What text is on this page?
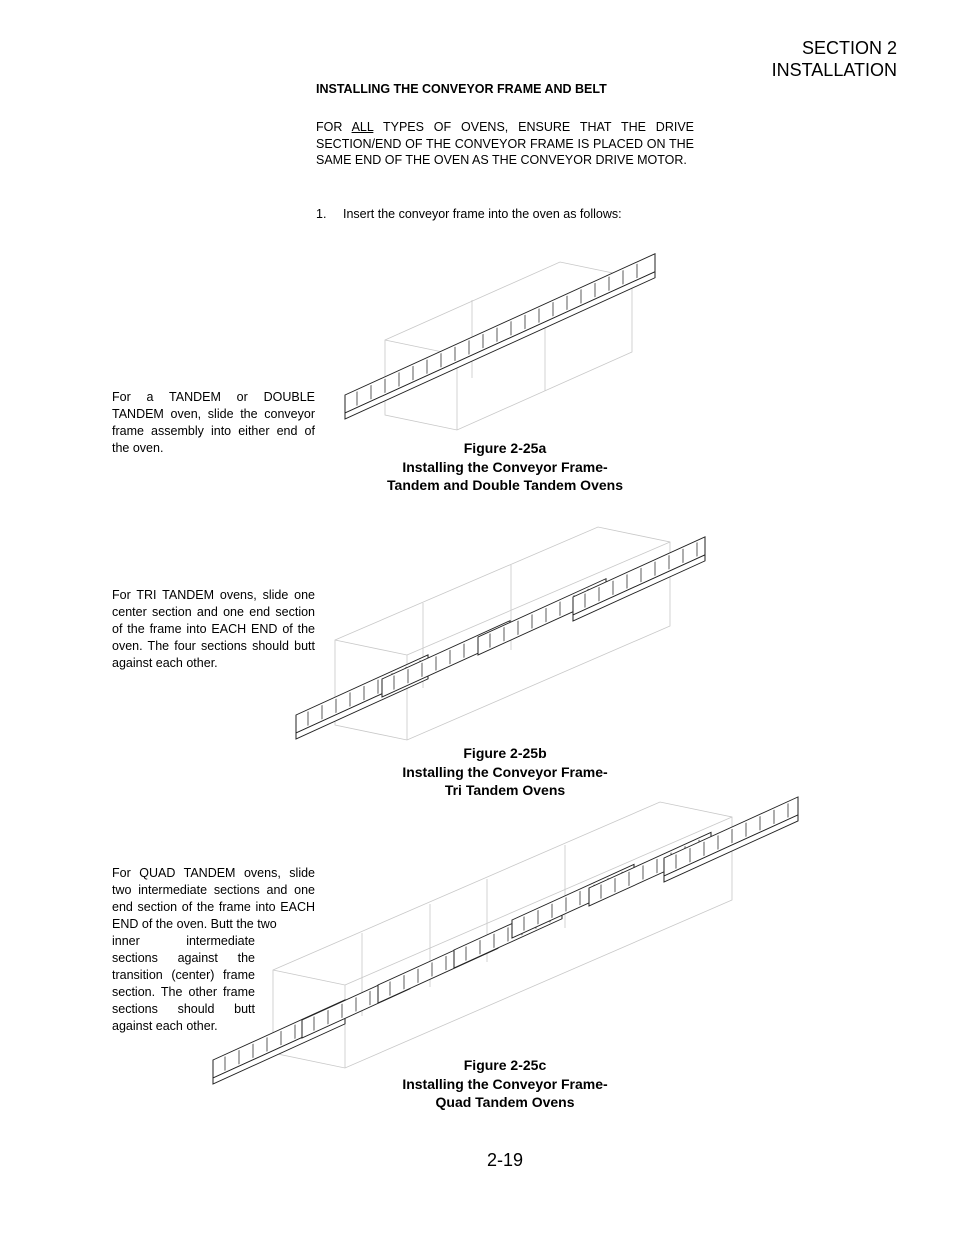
SECTION 2
INSTALLATION
INSTALLING THE CONVEYOR FRAME AND BELT
FOR ALL TYPES OF OVENS, ENSURE THAT THE DRIVE SECTION/END OF THE CONVEYOR FRAME IS PLACED ON THE SAME END OF THE OVEN AS THE CONVEYOR DRIVE MOTOR.
1. Insert the conveyor frame into the oven as follows:
For a TANDEM or DOUBLE TANDEM oven, slide the conveyor frame assembly into either end of the oven.
For TRI TANDEM ovens, slide one center section and one end section of the frame into EACH END of the oven. The four sections should butt against each other.
For QUAD TANDEM ovens, slide two intermediate sections and one end section of the frame into EACH END of the oven. Butt the two
inner intermediate sections against the transition (center) frame section. The other frame sections should butt against each other.
Figure 2-25a
Installing the Conveyor Frame-
Tandem and Double Tandem Ovens
Figure 2-25b
Installing the Conveyor Frame-
Tri Tandem Ovens
Figure 2-25c
Installing the Conveyor Frame-
Quad Tandem Ovens
2-19
